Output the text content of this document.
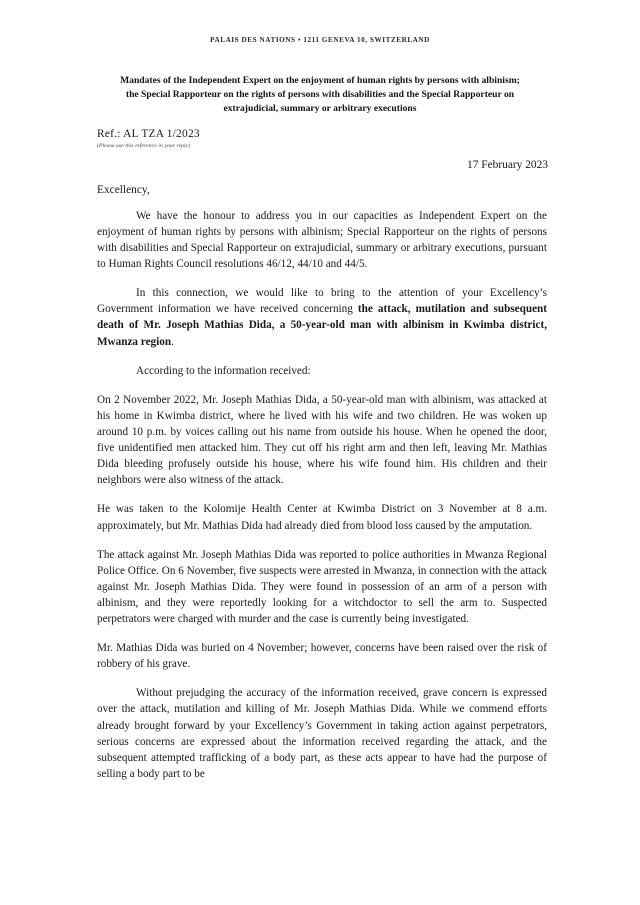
PALAIS DES NATIONS • 1211 GENEVA 10, SWITZERLAND
Mandates of the Independent Expert on the enjoyment of human rights by persons with albinism;
the Special Rapporteur on the rights of persons with disabilities and the Special Rapporteur on
extrajudicial, summary or arbitrary executions
Ref.: AL TZA 1/2023
(Please use this reference in your reply)
17 February 2023
Excellency,

We have the honour to address you in our capacities as Independent Expert on the enjoyment of human rights by persons with albinism; Special Rapporteur on the rights of persons with disabilities and Special Rapporteur on extrajudicial, summary or arbitrary executions, pursuant to Human Rights Council resolutions 46/12, 44/10 and 44/5.

In this connection, we would like to bring to the attention of your Excellency’s Government information we have received concerning the attack, mutilation and subsequent death of Mr. Joseph Mathias Dida, a 50-year-old man with albinism in Kwimba district, Mwanza region.

According to the information received:

On 2 November 2022, Mr. Joseph Mathias Dida, a 50-year-old man with albinism, was attacked at his home in Kwimba district, where he lived with his wife and two children. He was woken up around 10 p.m. by voices calling out his name from outside his house. When he opened the door, five unidentified men attacked him. They cut off his right arm and then left, leaving Mr. Mathias Dida bleeding profusely outside his house, where his wife found him. His children and their neighbors were also witness of the attack.

He was taken to the Kolomije Health Center at Kwimba District on 3 November at 8 a.m. approximately, but Mr. Mathias Dida had already died from blood loss caused by the amputation.

The attack against Mr. Joseph Mathias Dida was reported to police authorities in Mwanza Regional Police Office. On 6 November, five suspects were arrested in Mwanza, in connection with the attack against Mr. Joseph Mathias Dida. They were found in possession of an arm of a person with albinism, and they were reportedly looking for a witchdoctor to sell the arm to. Suspected perpetrators were charged with murder and the case is currently being investigated.

Mr. Mathias Dida was buried on 4 November; however, concerns have been raised over the risk of robbery of his grave.

Without prejudging the accuracy of the information received, grave concern is expressed over the attack, mutilation and killing of Mr. Joseph Mathias Dida. While we commend efforts already brought forward by your Excellency’s Government in taking action against perpetrators, serious concerns are expressed about the information received regarding the attack, and the subsequent attempted trafficking of a body part, as these acts appear to have had the purpose of selling a body part to be
